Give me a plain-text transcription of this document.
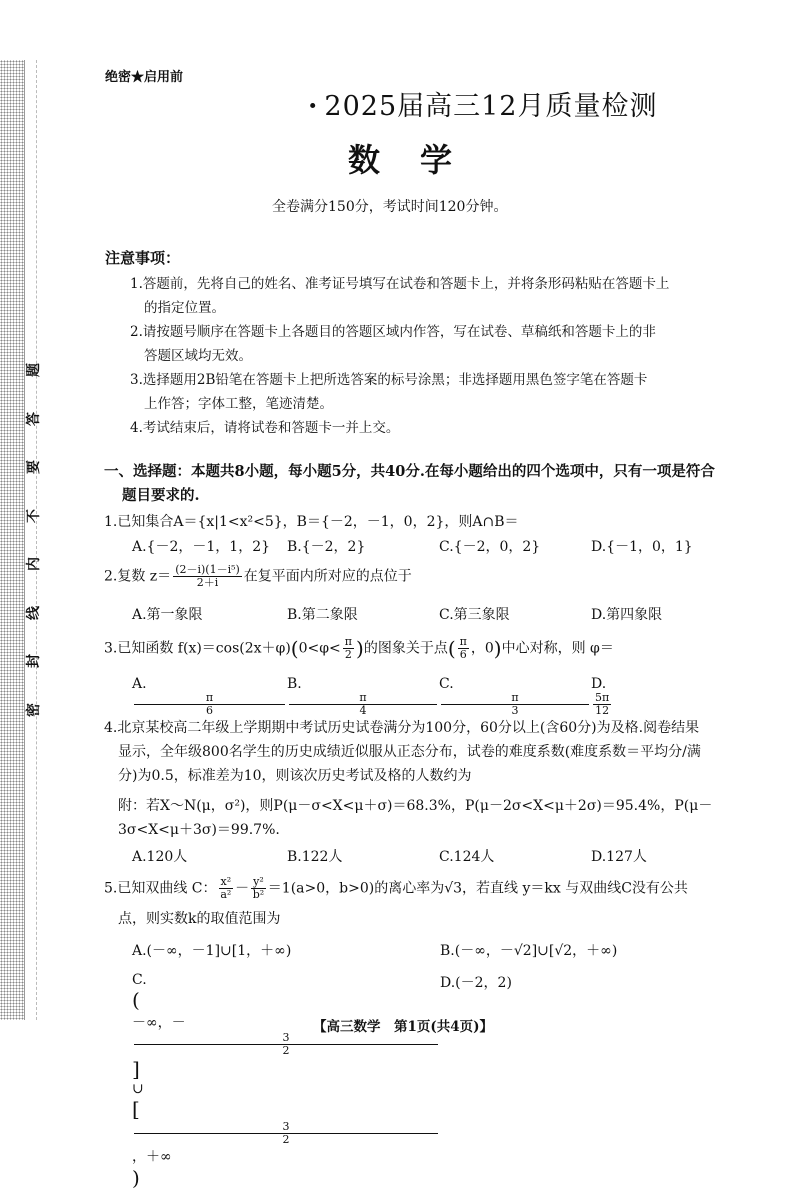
题
答
要
不
内
线
封
密
绝密★启用前
· 2025届高三12月质量检测
数学
全卷满分150分，考试时间120分钟。
注意事项：
1.答题前，先将自己的姓名、准考证号填写在试卷和答题卡上，并将条形码粘贴在答题卡上
的指定位置。
2.请按题号顺序在答题卡上各题目的答题区域内作答，写在试卷、草稿纸和答题卡上的非
答题区域均无效。
3.选择题用2B铅笔在答题卡上把所选答案的标号涂黑；非选择题用黑色签字笔在答题卡
上作答；字体工整，笔迹清楚。
4.考试结束后，请将试卷和答题卡一并上交。
一、选择题：本题共8小题，每小题5分，共40分.在每小题给出的四个选项中，只有一项是符合
题目要求的.
1.已知集合A＝{x|1<x²<5}，B＝{－2，－1，0，2}，则A∩B＝
A.{－2，－1，1，2}	B.{－2，2}	C.{－2，0，2}	D.{－1，0，1}
2.复数 $z= \frac{\text{(2－i)(1－i⁵)}}{2+i}$ 在复平面内所对应的点位于
A.第一象限	B.第二象限	C.第三象限	D.第四象限
3.已知函数 $f(x)=\cos(2x+\varphi)(0<\varphi< \frac{\pi}{2}$ )的图象关于点( $\frac{\pi}{6}$ ，0)中心对称，则 φ＝
A.
π
6
B.
π
4
C.
π
3
D.
5π
12
4.北京某校高二年级上学期期中考试历史试卷满分为100分，60分以上(含60分)为及格.阅卷结果
显示，全年级800名学生的历史成绩近似服从正态分布，试卷的难度系数(难度系数＝平均分/满
分)为0.5，标准差为10，则该次历史考试及格的人数约为
附：若X～N(μ，σ²)，则P(μ－σ<X<μ＋σ)＝68.3%，P(μ－2σ<X<μ＋2σ)＝95.4%，P(μ－
3σ<X<μ＋3σ)＝99.7%.
A.120人	B.122人	C.124人	D.127人
5.已知双曲线 C： $\frac{\text{x²}}{\text{a²}} - \frac{\text{y²}}{\text{b²}} =1(a>0$，b>0)的离心率为√3，若直线 y＝kx 与双曲线C没有公共
点，则实数k的取值范围为
A.(－∞，－1]∪[1，＋∞)	B.(－∞，－√2]∪[√2，＋∞)
C.
(
－∞，－
3
2
]
∪
[
3
2
，＋∞
)
D.(－2，2)
【高三数学　第1页(共4页)】
